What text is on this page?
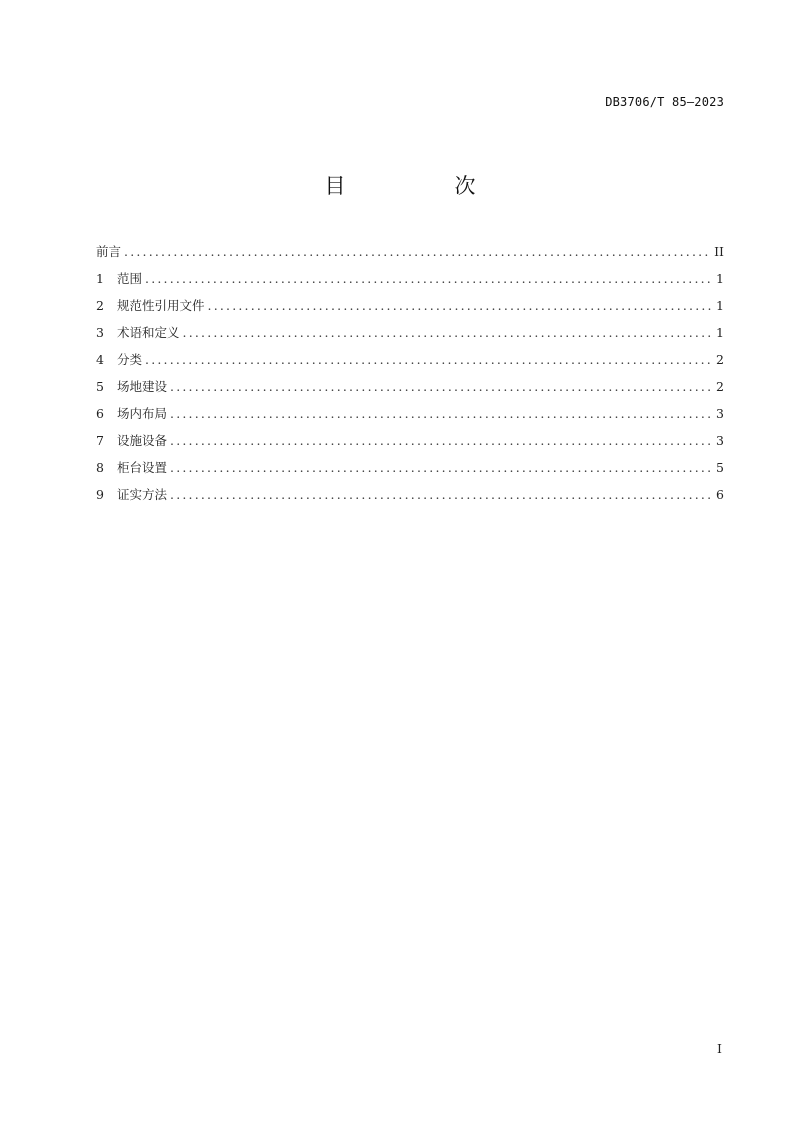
DB3706/T 85—2023
目　次
前言 .....	II
1	范围 .....	1
2	规范性引用文件 .....	1
3	术语和定义 .....	1
4	分类 .....	2
5	场地建设 .....	2
6	场内布局 .....	3
7	设施设备 .....	3
8	柜台设置 .....	5
9	证实方法 .....	6
I
